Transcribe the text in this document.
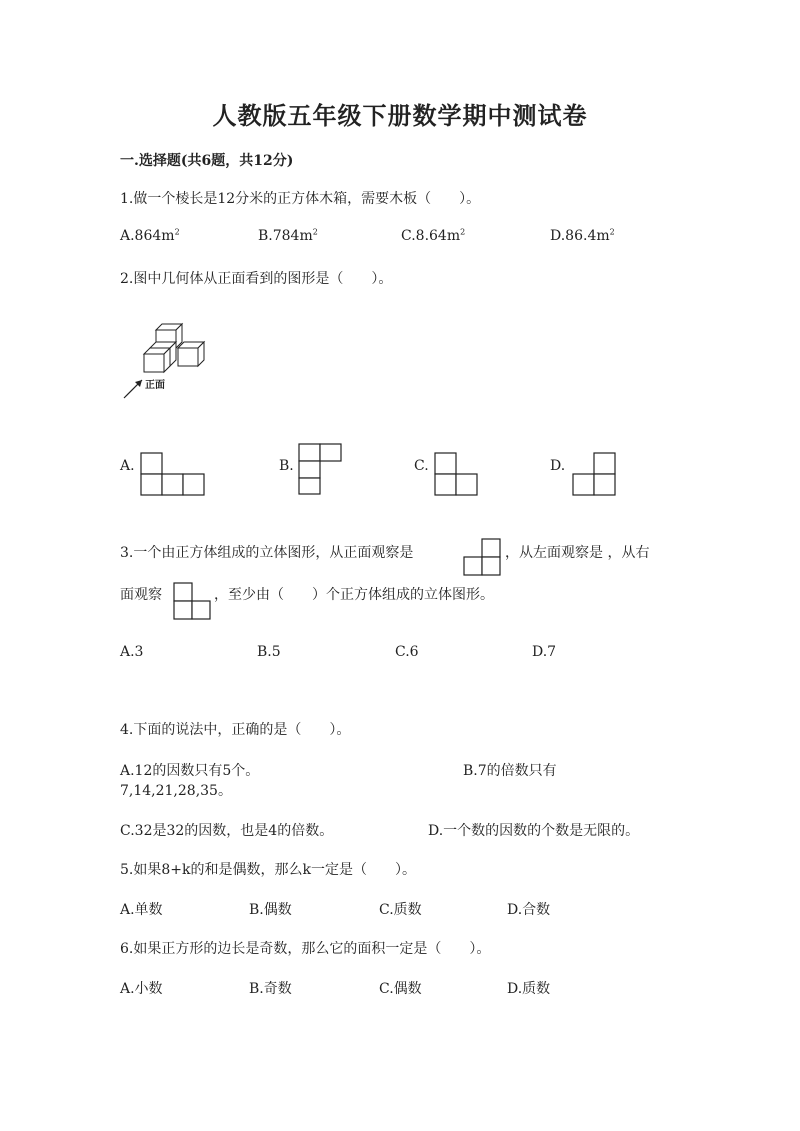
人教版五年级下册数学期中测试卷
一.选择题(共6题，共12分)
1.做一个棱长是12分米的正方体木箱，需要木板（　　）。
$A.864m^2$	$B.784m^2$	$C.8.64m^2$	$D.86.4m^2$
2.图中几何体从正面看到的图形是（　　）。
正面
A.	B.	C.	D.
3.一个由正方体组成的立体图形，从正面观察是	，从左面观察是 ，从右
面观察	，至少由（　　）个正方体组成的立体图形。
A.3	B.5	C.6	D.7
4.下面的说法中，正确的是（　　）。
A.12的因数只有5个。	B.7的倍数只有
7,14,21,28,35。
C.32是32的因数，也是4的倍数。	D.一个数的因数的个数是无限的。
5.如果8+k的和是偶数，那么k一定是（　　）。
A.单数	B.偶数	C.质数	D.合数
6.如果正方形的边长是奇数，那么它的面积一定是（　　）。
A.小数	B.奇数	C.偶数	D.质数
